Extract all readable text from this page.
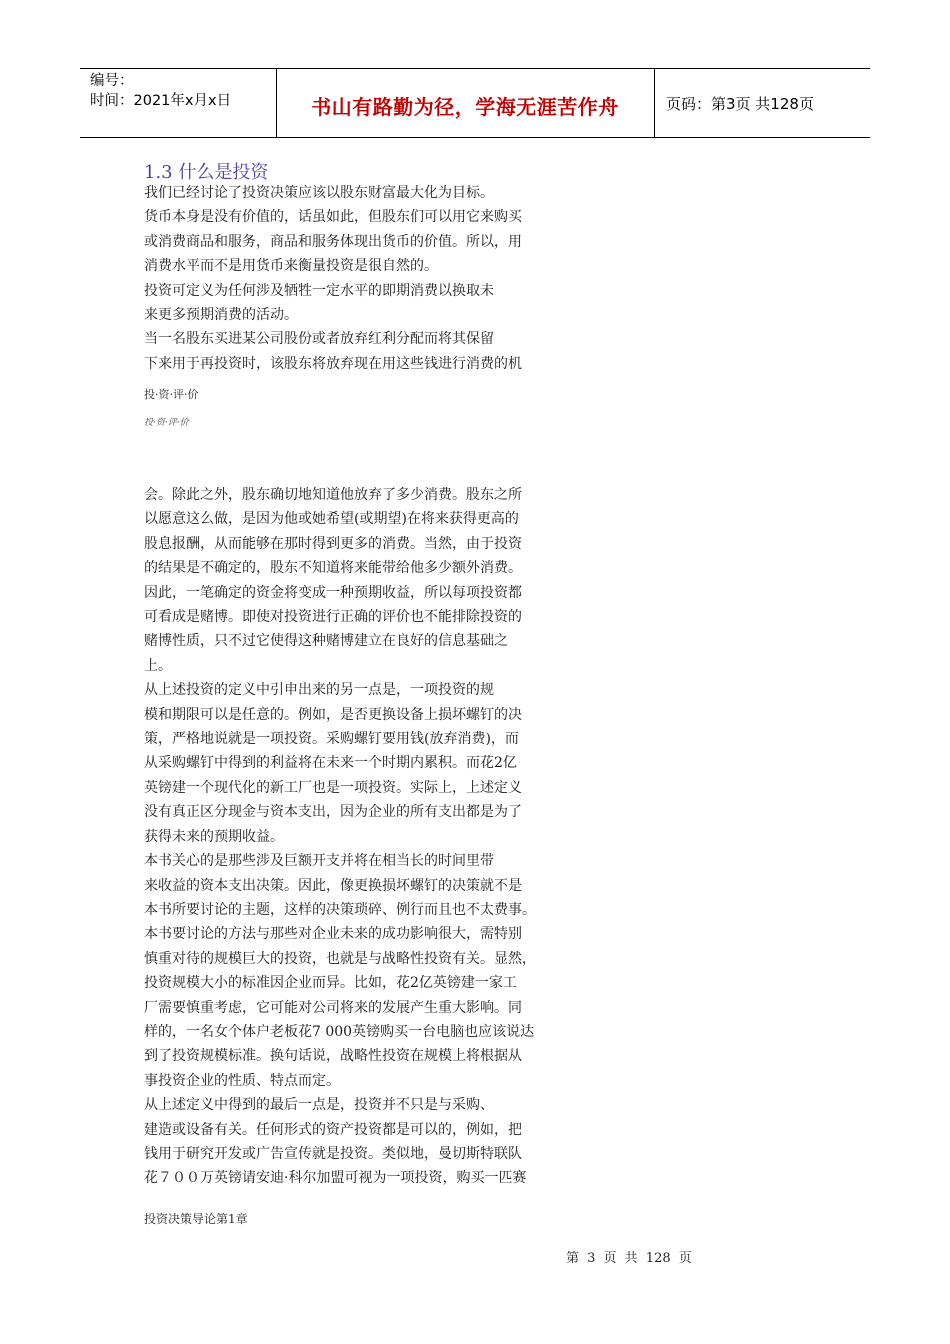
编号：
时间：2021年x月x日	书山有路勤为径，学海无涯苦作舟	页码：第3页 共128页
1.3 什么是投资

我们已经讨论了投资决策应该以股东财富最大化为目标。

货币本身是没有价值的，话虽如此，但股东们可以用它来购买

或消费商品和服务，商品和服务体现出货币的价值。所以，用

消费水平而不是用货币来衡量投资是很自然的。

投资可定义为任何涉及牺牲一定水平的即期消费以换取未

来更多预期消费的活动。

当一名股东买进某公司股份或者放弃红利分配而将其保留

下来用于再投资时，该股东将放弃现在用这些钱进行消费的机

投·资·评·价
投·资·评·价

会。除此之外，股东确切地知道他放弃了多少消费。股东之所

以愿意这么做，是因为他或她希望(或期望)在将来获得更高的

股息报酬，从而能够在那时得到更多的消费。当然，由于投资

的结果是不确定的，股东不知道将来能带给他多少额外消费。

因此，一笔确定的资金将变成一种预期收益，所以每项投资都

可看成是赌博。即使对投资进行正确的评价也不能排除投资的

赌博性质，只不过它使得这种赌博建立在良好的信息基础之

上。

从上述投资的定义中引申出来的另一点是，一项投资的规

模和期限可以是任意的。例如，是否更换设备上损坏螺钉的决

策，严格地说就是一项投资。采购螺钉要用钱(放弃消费)，而

从采购螺钉中得到的利益将在未来一个时期内累积。而花2亿

英镑建一个现代化的新工厂也是一项投资。实际上，上述定义

没有真正区分现金与资本支出，因为企业的所有支出都是为了

获得未来的预期收益。

本书关心的是那些涉及巨额开支并将在相当长的时间里带

来收益的资本支出决策。因此，像更换损坏螺钉的决策就不是

本书所要讨论的主题，这样的决策琐碎、例行而且也不太费事。

本书要讨论的方法与那些对企业未来的成功影响很大，需特别

慎重对待的规模巨大的投资，也就是与战略性投资有关。显然，

投资规模大小的标准因企业而异。比如，花2亿英镑建一家工

厂需要慎重考虑，它可能对公司将来的发展产生重大影响。同

样的，一名女个体户老板花7 000英镑购买一台电脑也应该说达

到了投资规模标准。换句话说，战略性投资在规模上将根据从

事投资企业的性质、特点而定。

从上述定义中得到的最后一点是，投资并不只是与采购、

建造或设备有关。任何形式的资产投资都是可以的，例如，把

钱用于研究开发或广告宣传就是投资。类似地，曼切斯特联队

花７００万英镑请安迪·科尔加盟可视为一项投资，购买一匹赛

投资决策导论第1章
第 3 页 共 128 页
